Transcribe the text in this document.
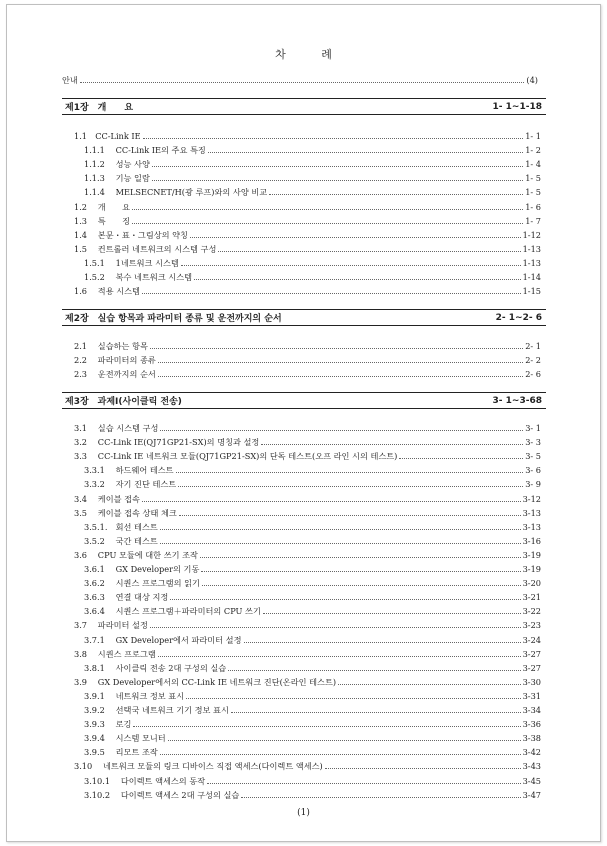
차	례
안내	(4)
제1장　개　　요	1- 1∼1-18
1.1　CC-Link IE	1- 1
1.1.1　 CC-Link IE의 주요 특징	1- 2
1.1.2　 성능 사양	1- 4
1.1.3　 기능 일람	1- 5
1.1.4　 MELSECNET/H(광 루프)와의 사양 비교	1- 5
1.2　 개　　요	1- 6
1.3　 특　　징	1- 7
1.4　 본문・표・그림상의 약칭	1-12
1.5　 컨트롤러 네트워크의 시스템 구성	1-13
1.5.1　 1네트워크 시스템	1-13
1.5.2　 복수 네트워크 시스템	1-14
1.6　 적용 시스템	1-15
제2장　실습 항목과 파라미터 종류 및 운전까지의 순서	2- 1∼2- 6
2.1　 실습하는 항목	2- 1
2.2　 파라미터의 종류	2- 2
2.3　 운전까지의 순서	2- 6
제3장　과제Ⅰ(사이클릭 전송)	3- 1∼3-68
3.1　 실습 시스템 구성	3- 1
3.2　 CC-Link IE(QJ71GP21-SX)의 명칭과 설정	3- 3
3.3　 CC-Link IE 네트워크 모듈(QJ71GP21-SX)의 단독 테스트(오프 라인 시의 테스트)	3- 5
3.3.1　 하드웨어 테스트	3- 6
3.3.2　 자기 진단 테스트	3- 9
3.4　 케이블 접속	3-12
3.5　 케이블 접속 상태 체크	3-13
3.5.1.　회선 테스트	3-13
3.5.2　 국간 테스트	3-16
3.6　 CPU 모듈에 대한 쓰기 조작	3-19
3.6.1　 GX Developer의 기동	3-19
3.6.2　 시퀀스 프로그램의 읽기	3-20
3.6.3　 연결 대상 지정	3-21
3.6.4　 시퀀스 프로그램＋파라미터의 CPU 쓰기	3-22
3.7　 파라미터 설정	3-23
3.7.1　 GX Developer에서 파라미터 설정	3-24
3.8　 시퀀스 프로그램	3-27
3.8.1　 사이클릭 전송 2대 구성의 실습	3-27
3.9　 GX Developer에서의 CC-Link IE 네트워크 진단(온라인 테스트)	3-30
3.9.1　 네트워크 정보 표시	3-31
3.9.2　 선택국 네트워크 기기 정보 표시	3-34
3.9.3　 로깅	3-36
3.9.4　 시스템 모니터	3-38
3.9.5　 리모트 조작	3-42
3.10　 네트워크 모듈의 링크 디바이스 직접 액세스(다이렉트 액세스)	3-43
3.10.1　 다이렉트 액세스의 동작	3-45
3.10.2　 다이렉트 액세스 2대 구성의 실습	3-47
(1)
